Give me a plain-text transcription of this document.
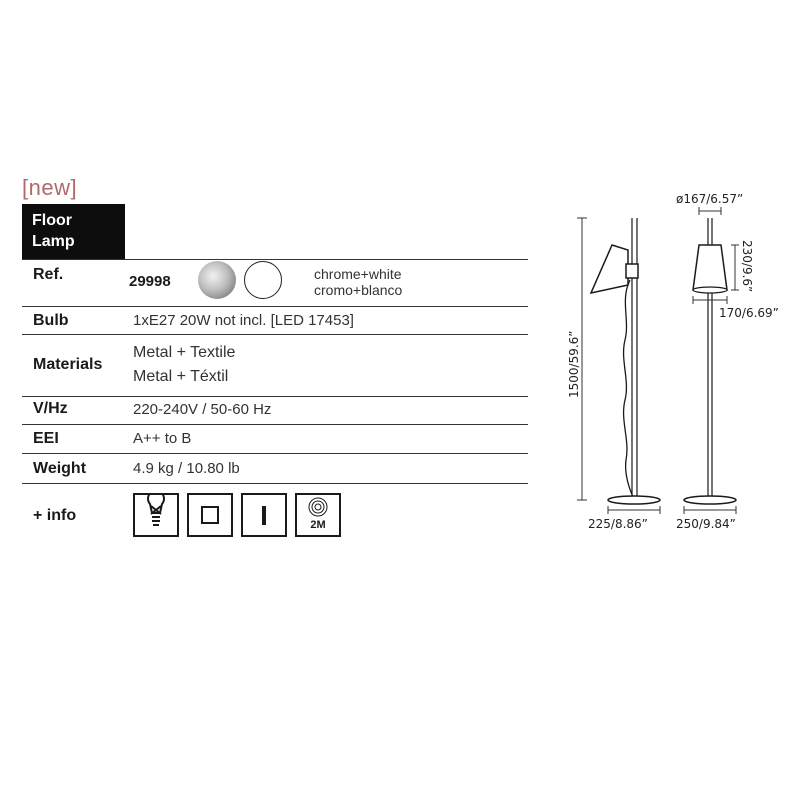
[new]
Floor
Lamp
Ref.	29998	chrome+white
cromo+blanco
Bulb	1xE27 20W not incl. [LED 17453]
Materials
Metal + Textile
Metal + Téxtil
V/Hz	220-240V / 50-60 Hz
EEI	A++ to B
Weight	4.9 kg / 10.80 lb
+ info
2M
1500/59.6”
225/8.86”
ø167/6.57”
230/9.6”
170/6.69”
250/9.84”
